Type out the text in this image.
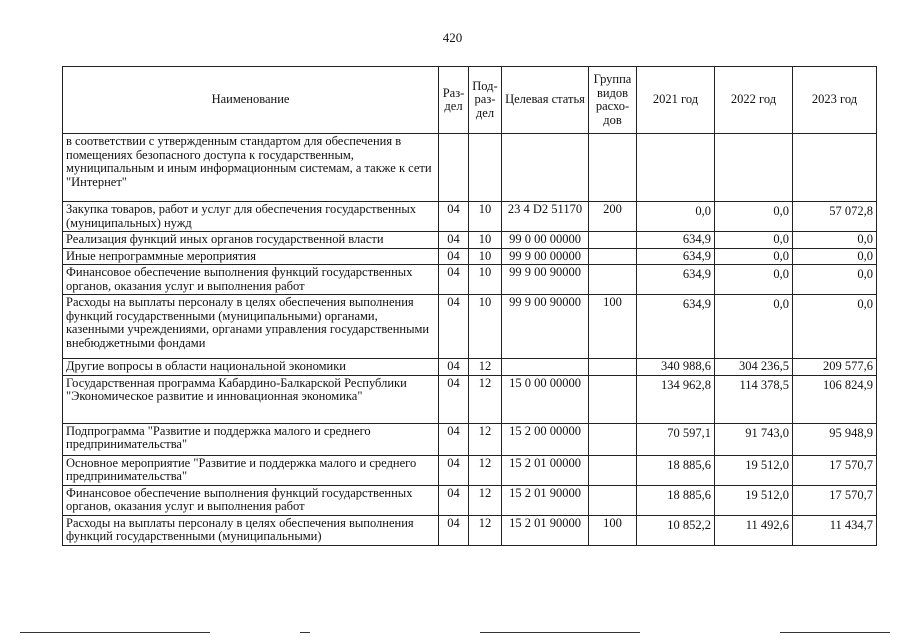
420
Наименование	Раз-дел	Под-раз-дел	Целевая статья	Группа видов расхо-дов	2021 год	2022 год	2023 год
в соответствии с утвержденным стандартом для обеспечения в помещениях безопасного доступа к государственным, муниципальным и иным информационным системам, а также к сети "Интернет"							
Закупка товаров, работ и услуг для обеспечения государственных (муниципальных) нужд	04	10	23 4 D2 51170	200	0,0	0,0	57 072,8
Реализация функций иных органов государственной власти	04	10	99 0 00 00000		634,9	0,0	0,0
Иные непрограммные мероприятия	04	10	99 9 00 00000		634,9	0,0	0,0
Финансовое обеспечение выполнения функций государственных органов, оказания услуг и выполнения работ	04	10	99 9 00 90000		634,9	0,0	0,0
Расходы на выплаты персоналу в целях обеспечения выполнения функций государственными (муниципальными) органами, казенными учреждениями, органами управления государственными внебюджетными фондами	04	10	99 9 00 90000	100	634,9	0,0	0,0
Другие вопросы в области национальной экономики	04	12			340 988,6	304 236,5	209 577,6
Государственная программа Кабардино-Балкарской Республики "Экономическое развитие и инновационная экономика"	04	12	15 0 00 00000		134 962,8	114 378,5	106 824,9
Подпрограмма "Развитие и поддержка малого и среднего предпринимательства"	04	12	15 2 00 00000		70 597,1	91 743,0	95 948,9
Основное мероприятие "Развитие и поддержка малого и среднего предпринимательства"	04	12	15 2 01 00000		18 885,6	19 512,0	17 570,7
Финансовое обеспечение выполнения функций государственных органов, оказания услуг и выполнения работ	04	12	15 2 01 90000		18 885,6	19 512,0	17 570,7
Расходы на выплаты персоналу в целях обеспечения выполнения функций государственными (муниципальными)	04	12	15 2 01 90000	100	10 852,2	11 492,6	11 434,7
